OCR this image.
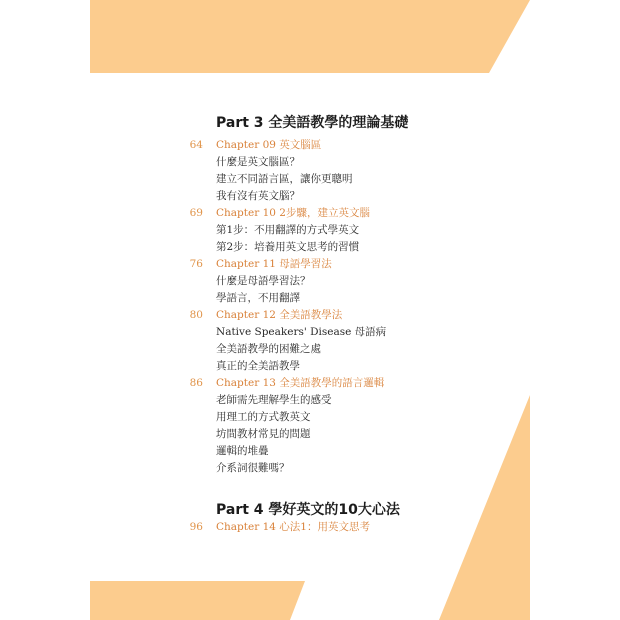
Part 3 全美語教學的理論基礎
64 Chapter 09 英文腦區
什麼是英文腦區？
建立不同語言區，讓你更聰明
我有沒有英文腦？
69 Chapter 10 2步驟，建立英文腦
第1步：不用翻譯的方式學英文
第2步：培養用英文思考的習慣
76 Chapter 11 母語學習法
什麼是母語學習法？
學語言，不用翻譯
80 Chapter 12 全美語教學法
Native Speakers' Disease 母語病
全美語教學的困難之處
真正的全美語教學
86 Chapter 13 全美語教學的語言邏輯
老師需先理解學生的感受
用理工的方式教英文
坊間教材常見的問題
邏輯的堆疊
介系詞很難嗎？
Part 4 學好英文的10大心法
96 Chapter 14 心法1：用英文思考
